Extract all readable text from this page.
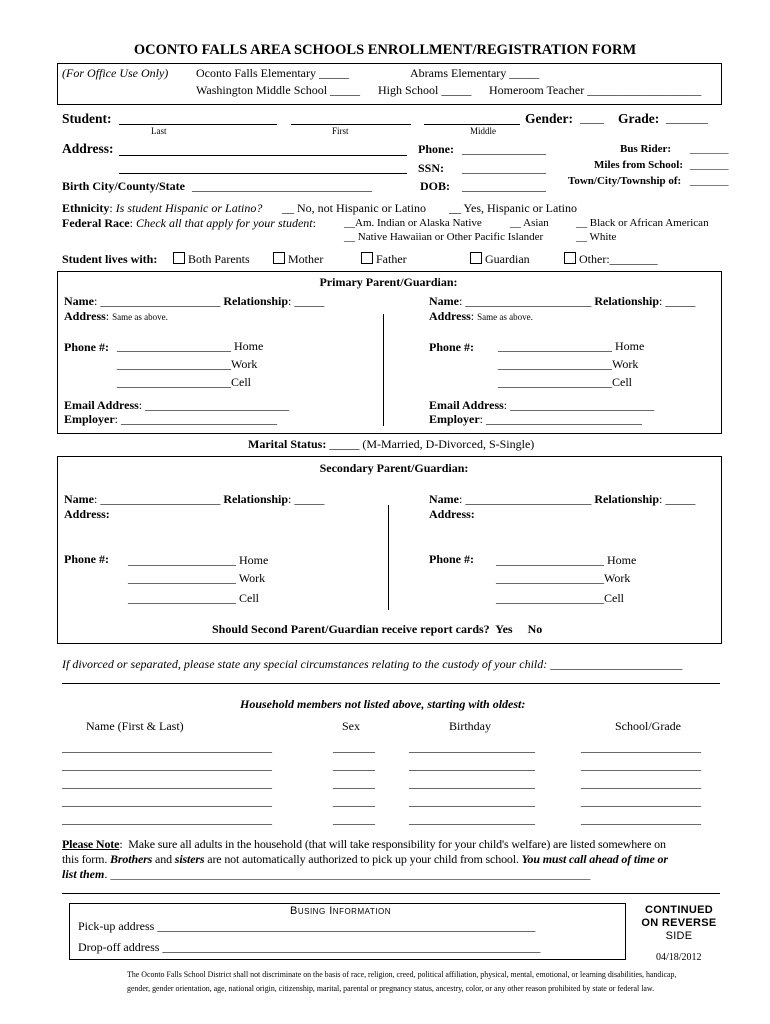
OCONTO FALLS AREA SCHOOLS ENROLLMENT/REGISTRATION FORM
(For Office Use Only) Oconto Falls Elementary _____	Abrams Elementary _____
Washington Middle School _____ High School _____ Homeroom Teacher ___________________
Student:	Gender: ____ Grade: _______
Last	First	Middle
Address:	Phone: ______________
SSN: ______________
Birth City/County/State ______________________________	DOB: ______________
Bus Rider: _______
Miles from School: _______
Town/City/Township of: _______
Ethnicity: Is student Hispanic or Latino? __ No, not Hispanic or Latino __ Yes, Hispanic or Latino
Federal Race: Check all that apply for your student:	__Am. Indian or Alaska Native	__ Asian __ Black or African American
__ Native Hawaiian or Other Pacific Islander	__ White
Student lives with:	Both Parents	Mother	Father	Guardian	Other:________
Primary Parent/Guardian:
Name: ____________________ Relationship: _____
Address: Same as above.
Phone #: ___________________ Home
___________________Work
___________________Cell
Email Address: ________________________
Employer: __________________________
Name: _____________________ Relationship: _____
Address: Same as above.
Phone #: ___________________ Home
___________________Work
___________________Cell
Email Address: ________________________
Employer: __________________________
Marital Status: _____ (M-Married, D-Divorced, S-Single)
Secondary Parent/Guardian:
Name: ____________________ Relationship: _____
Address:
Phone #: __________________ Home
__________________ Work
__________________ Cell
Name: _____________________ Relationship: _____
Address:
Phone #: __________________ Home
__________________Work
__________________Cell
Should Second Parent/Guardian receive report cards? Yes No
If divorced or separated, please state any special circumstances relating to the custody of your child: ______________________
Household members not listed above, starting with oldest:
Name (First & Last)	Sex	Birthday	School/Grade
___________________________________	_______	_____________________	____________________
___________________________________	_______	_____________________	____________________
___________________________________	_______	_____________________	____________________
___________________________________	_______	_____________________	____________________
___________________________________	_______	_____________________	____________________
Please Note:  Make sure all adults in the household (that will take responsibility for your child's welfare) are listed somewhere on
this form. Brothers and sisters are not automatically authorized to pick up your child from school. You must call ahead of time or
list them. ________________________________________________________________________________________________
Busing Information
Pick-up address _______________________________________________________________
Drop-off address _______________________________________________________________
CONTINUED
ON REVERSE
SIDE
04/18/2012
The Oconto Falls School District shall not discriminate on the basis of race, religion, creed, political affiliation, physical, mental, emotional, or learning disabilities, handicap,
gender, gender orientation, age, national origin, citizenship, marital, parental or pregnancy status, ancestry, color, or any other reason prohibited by state or federal law.
